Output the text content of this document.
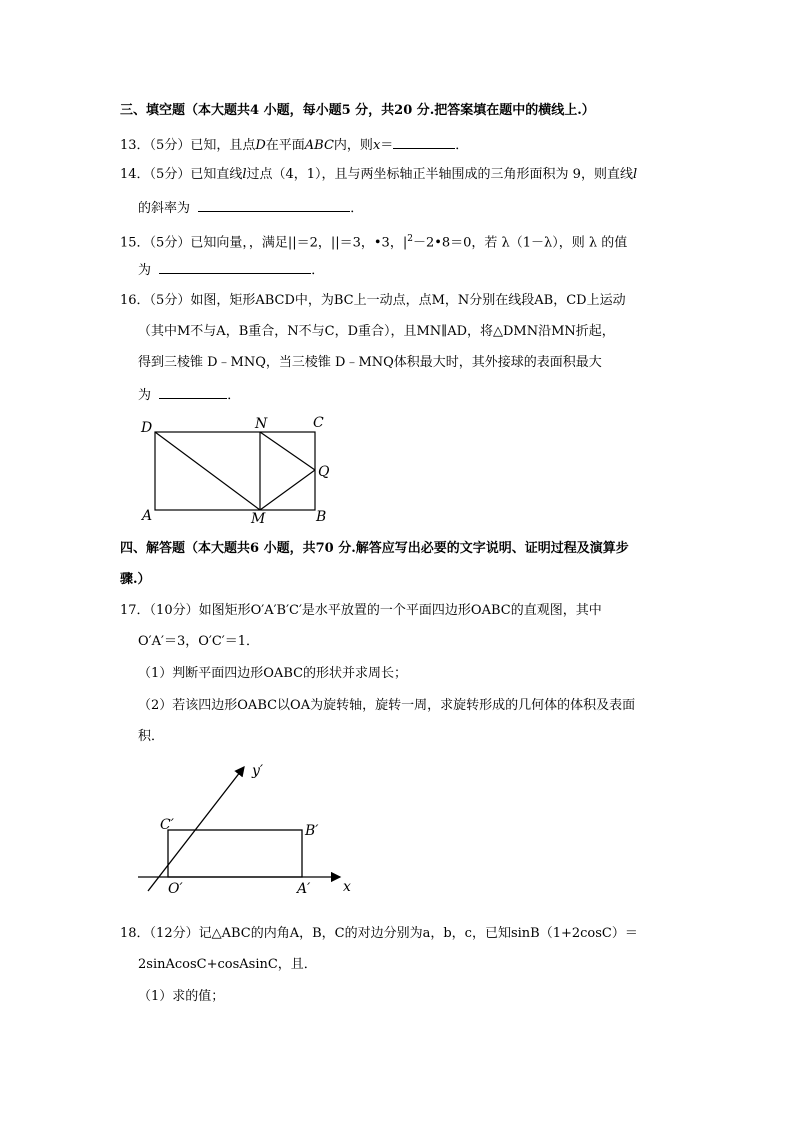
三、填空题（本大题共4 小题，每小题5 分，共20 分.把答案填在题中的横线上.）
13．（5分）已知，且点D在平面ABC内，则x＝	．
14．（5分）已知直线l过点（4，1），且与两坐标轴正半轴围成的三角形面积为 9，则直线l
的斜率为	．
15．（5分）已知向量，，满足||＝2，||＝3，•3，$|^2-2•8=0$，若 λ（1－λ），则 λ 的值
为	．
16．（5分）如图，矩形ABCD中，为BC上一动点，点M，N分别在线段AB，CD上运动
（其中M不与A，B重合，N不与C，D重合），且MN∥AD，将△DMN沿MN折起，
得到三棱锥 D﹣MNQ，当三棱锥 D﹣MNQ体积最大时，其外接球的表面积最大
为	．
D	N	C
Q
A	M	B
四、解答题（本大题共6 小题，共70 分.解答应写出必要的文字说明、证明过程及演算步
骤.）
17．（10分）如图矩形O′A′B′C′是水平放置的一个平面四边形OABC的直观图，其中
O′A′＝3，O′C′＝1．
（1）判断平面四边形OABC的形状并求周长；
（2）若该四边形OABC以OA为旋转轴，旋转一周，求旋转形成的几何体的体积及表面
积．
y′
C′	B′
O′	A′ x
18．（12分）记△ABC的内角A，B，C的对边分别为a，b，c，已知sinB（1+2cosC）＝
2sinAcosC+cosAsinC，且．
（1）求的值；
